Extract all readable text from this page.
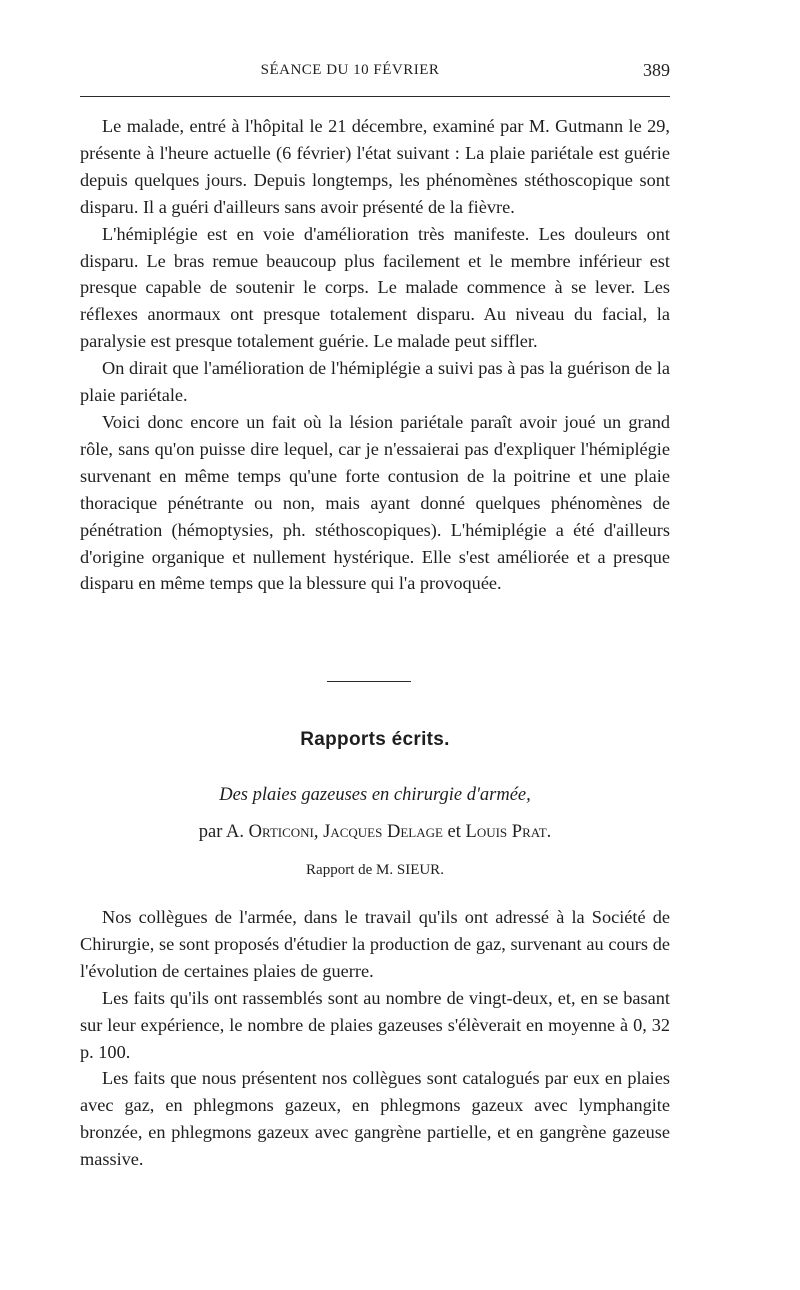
SÉANCE DU 10 FÉVRIER	389

Le malade, entré à l'hôpital le 21 décembre, examiné par M. Gutmann le 29, présente à l'heure actuelle (6 février) l'état suivant : La plaie pariétale est guérie depuis quelques jours. Depuis longtemps, les phénomènes stéthoscopique sont disparu. Il a guéri d'ailleurs sans avoir présenté de la fièvre.

L'hémiplégie est en voie d'amélioration très manifeste. Les douleurs ont disparu. Le bras remue beaucoup plus facilement et le membre inférieur est presque capable de soutenir le corps. Le malade commence à se lever. Les réflexes anormaux ont presque totalement disparu. Au niveau du facial, la paralysie est presque totalement guérie. Le malade peut siffler.

On dirait que l'amélioration de l'hémiplégie a suivi pas à pas la guérison de la plaie pariétale.

Voici donc encore un fait où la lésion pariétale paraît avoir joué un grand rôle, sans qu'on puisse dire lequel, car je n'essaierai pas d'expliquer l'hémiplégie survenant en même temps qu'une forte contusion de la poitrine et une plaie thoracique pénétrante ou non, mais ayant donné quelques phénomènes de pénétration (hémoptysies, ph. stéthoscopiques). L'hémiplégie a été d'ailleurs d'origine organique et nullement hystérique. Elle s'est améliorée et a presque disparu en même temps que la blessure qui l'a provoquée.

Rapports écrits.
Des plaies gazeuses en chirurgie d'armée,
par A. Orticoni, Jacques Delage et Louis Prat.
Rapport de M. SIEUR.

Nos collègues de l'armée, dans le travail qu'ils ont adressé à la Société de Chirurgie, se sont proposés d'étudier la production de gaz, survenant au cours de l'évolution de certaines plaies de guerre.

Les faits qu'ils ont rassemblés sont au nombre de vingt-deux, et, en se basant sur leur expérience, le nombre de plaies gazeuses s'élèverait en moyenne à 0, 32 p. 100.

Les faits que nous présentent nos collègues sont catalogués par eux en plaies avec gaz, en phlegmons gazeux, en phlegmons gazeux avec lymphangite bronzée, en phlegmons gazeux avec gangrène partielle, et en gangrène gazeuse massive.
